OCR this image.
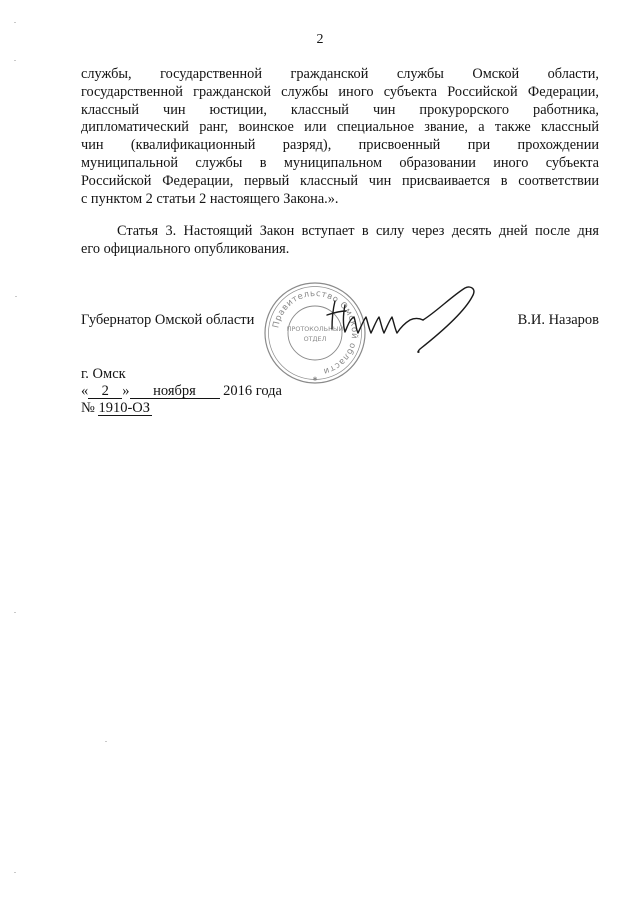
2
службы, государственной гражданской службы Омской области,
государственной гражданской службы иного субъекта Российской Федерации,
классный чин юстиции, классный чин прокурорского работника,
дипломатический ранг, воинское или специальное звание, а также классный
чин (квалификационный разряд), присвоенный при прохождении
муниципальной службы в муниципальном образовании иного субъекта
Российской Федерации, первый классный чин присваивается в соответствии
с пунктом 2 статьи 2 настоящего Закона.».
Статья 3. Настоящий Закон вступает в силу через десять дней после дня
его официального опубликования.
Правительство Омской области
ПРОТОКОЛЬНЫЙ
ОТДЕЛ
✱
Губернатор Омской области	В.И. Назаров
г. Омск
« 2 » ноября 2016 года
№ 1910-ОЗ
